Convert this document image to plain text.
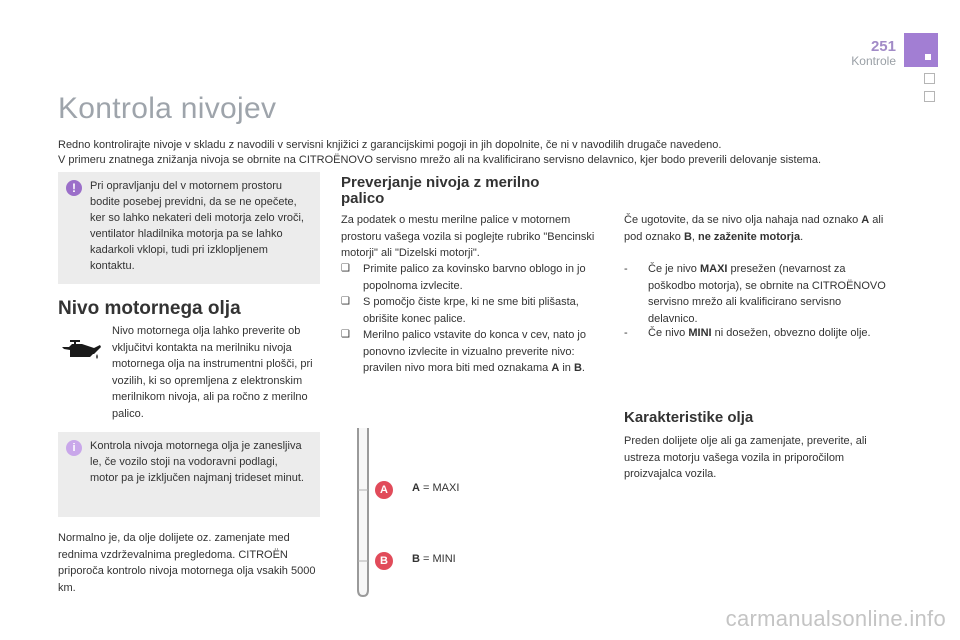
251
Kontrole
Kontrola nivojev
Redno kontrolirajte nivoje v skladu z navodili v servisni knjižici z garancijskimi pogoji in jih dopolnite, če ni v navodilih drugače navedeno.
V primeru znatnega znižanja nivoja se obrnite na CITROËNOVO servisno mrežo ali na kvalificirano servisno delavnico, kjer bodo preverili delovanje sistema.
!	Pri opravljanju del v motornem prostoru bodite posebej previdni, da se ne opečete, ker so lahko nekateri deli motorja zelo vroči, ventilator hladilnika motorja pa se lahko kadarkoli vklopi, tudi pri izklopljenem kontaktu.
Nivo motornega olja
Nivo motornega olja lahko preverite ob vključitvi kontakta na merilniku nivoja motornega olja na instrumentni plošči, pri vozilih, ki so opremljena z elektronskim merilnikom nivoja, ali pa ročno z merilno palico.
i	Kontrola nivoja motornega olja je zanesljiva le, če vozilo stoji na vodoravni podlagi, motor pa je izključen najmanj trideset minut.
Normalno je, da olje dolijete oz. zamenjate med rednima vzdrževalnima pregledoma. CITROËN priporoča kontrolo nivoja motornega olja vsakih 5000 km.
Preverjanje nivoja z merilno palico
Za podatek o mestu merilne palice v motornem prostoru vašega vozila si poglejte rubriko "Bencinski motorji" ali "Dizelski motorji".
❑ Primite palico za kovinsko barvno oblogo in jo popolnoma izvlecite.
❑ S pomočjo čiste krpe, ki ne sme biti plišasta, obrišite konec palice.
❑ Merilno palico vstavite do konca v cev, nato jo ponovno izvlecite in vizualno preverite nivo: pravilen nivo mora biti med oznakama A in B.
A	A = MAXI
B	B = MINI
Če ugotovite, da se nivo olja nahaja nad oznako A ali pod oznako B, ne zaženite motorja.
-	Če je nivo MAXI presežen (nevarnost za poškodbo motorja), se obrnite na CITROËNOVO servisno mrežo ali kvalificirano servisno delavnico.
-	Če nivo MINI ni dosežen, obvezno dolijte olje.
Karakteristike olja
Preden dolijete olje ali ga zamenjate, preverite, ali ustreza motorju vašega vozila in priporočilom proizvajalca vozila.
carmanualsonline.info
